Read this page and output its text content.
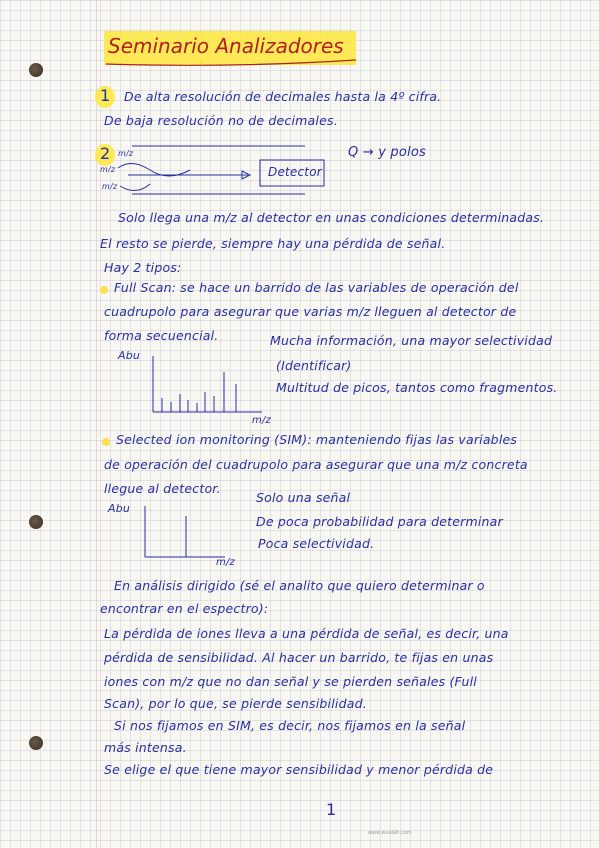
Seminario Analizadores
1 De alta resolución de decimales hasta la 4º cifra.
De baja resolución no de decimales.
2 m/z
m/z
m/z
Detector
Q → y polos
Solo llega una m/z al detector en unas condiciones determinadas.
El resto se pierde, siempre hay una pérdida de señal.
Hay 2 tipos:
Full Scan: se hace un barrido de las variables de operación del
cuadrupolo para asegurar que varias m/z lleguen al detector de
forma secuencial.
Abu
m/z
Mucha información, una mayor selectividad
(Identificar)
Multitud de picos, tantos como fragmentos.
Selected ion monitoring (SIM): manteniendo fijas las variables
de operación del cuadrupolo para asegurar que una m/z concreta
llegue al detector.
Abu
m/z
Solo una señal
De poca probabilidad para determinar
Poca selectividad.
En análisis dirigido (sé el analito que quiero determinar o
encontrar en el espectro):
La pérdida de iones lleva a una pérdida de señal, es decir, una
pérdida de sensibilidad. Al hacer un barrido, te fijas en unas
iones con m/z que no dan señal y se pierden señales (Full
Scan), por lo que, se pierde sensibilidad.
Si nos fijamos en SIM, es decir, nos fijamos en la señal
más intensa.
Se elige el que tiene mayor sensibilidad y menor pérdida de
1
www.wuolah.com
